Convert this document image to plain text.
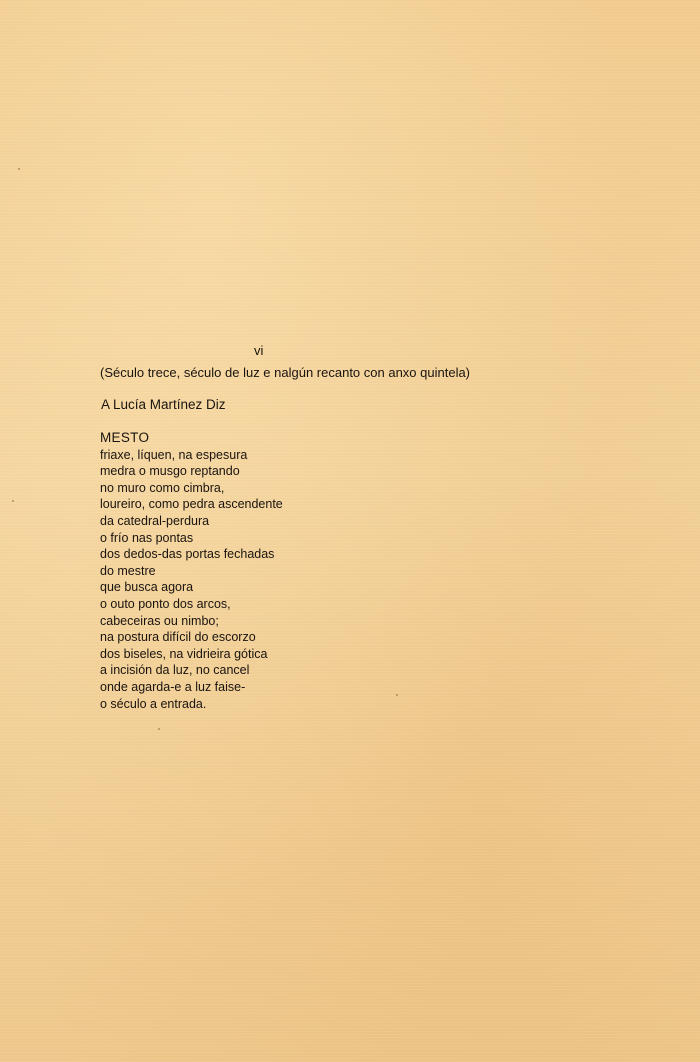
vi
(Século trece, século de luz e nalgún recanto con anxo quintela)
A Lucía Martínez Diz
MESTO
friaxe, líquen, na espesura
medra o musgo reptando
no muro como cimbra,
loureiro, como pedra ascendente
da catedral-perdura
o frío nas pontas
dos dedos-das portas fechadas
do mestre
que busca agora
o outo ponto dos arcos,
cabeceiras ou nimbo;
na postura difícil do escorzo
dos biseles, na vidrieira gótica
a incisión da luz, no cancel
onde agarda-e a luz faise-
o século a entrada.
